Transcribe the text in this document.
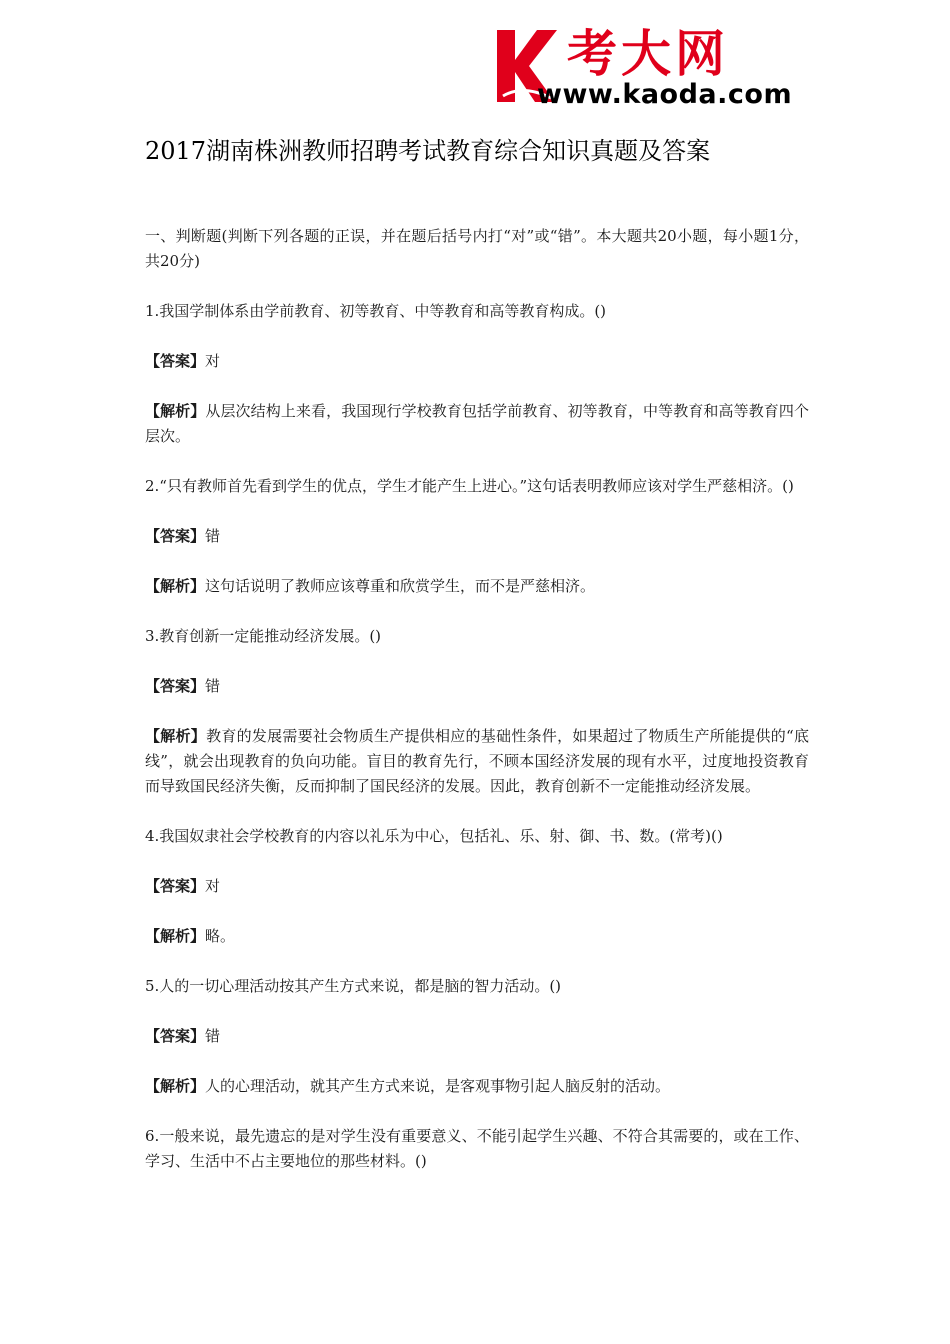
考大网
www.kaoda.com
2017湖南株洲教师招聘考试教育综合知识真题及答案

一、判断题(判断下列各题的正误，并在题后括号内打“对”或“错”。本大题共20小题，每小题1分，共20分)

1.我国学制体系由学前教育、初等教育、中等教育和高等教育构成。()

【答案】对

【解析】从层次结构上来看，我国现行学校教育包括学前教育、初等教育，中等教育和高等教育四个层次。

2.“只有教师首先看到学生的优点，学生才能产生上进心。”这句话表明教师应该对学生严慈相济。()

【答案】错

【解析】这句话说明了教师应该尊重和欣赏学生，而不是严慈相济。

3.教育创新一定能推动经济发展。()

【答案】错

【解析】教育的发展需要社会物质生产提供相应的基础性条件，如果超过了物质生产所能提供的“底线”，就会出现教育的负向功能。盲目的教育先行，不顾本国经济发展的现有水平，过度地投资教育而导致国民经济失衡，反而抑制了国民经济的发展。因此，教育创新不一定能推动经济发展。

4.我国奴隶社会学校教育的内容以礼乐为中心，包括礼、乐、射、御、书、数。(常考)()

【答案】对

【解析】略。

5.人的一切心理活动按其产生方式来说，都是脑的智力活动。()

【答案】错

【解析】人的心理活动，就其产生方式来说，是客观事物引起人脑反射的活动。

6.一般来说，最先遗忘的是对学生没有重要意义、不能引起学生兴趣、不符合其需要的，或在工作、学习、生活中不占主要地位的那些材料。()
